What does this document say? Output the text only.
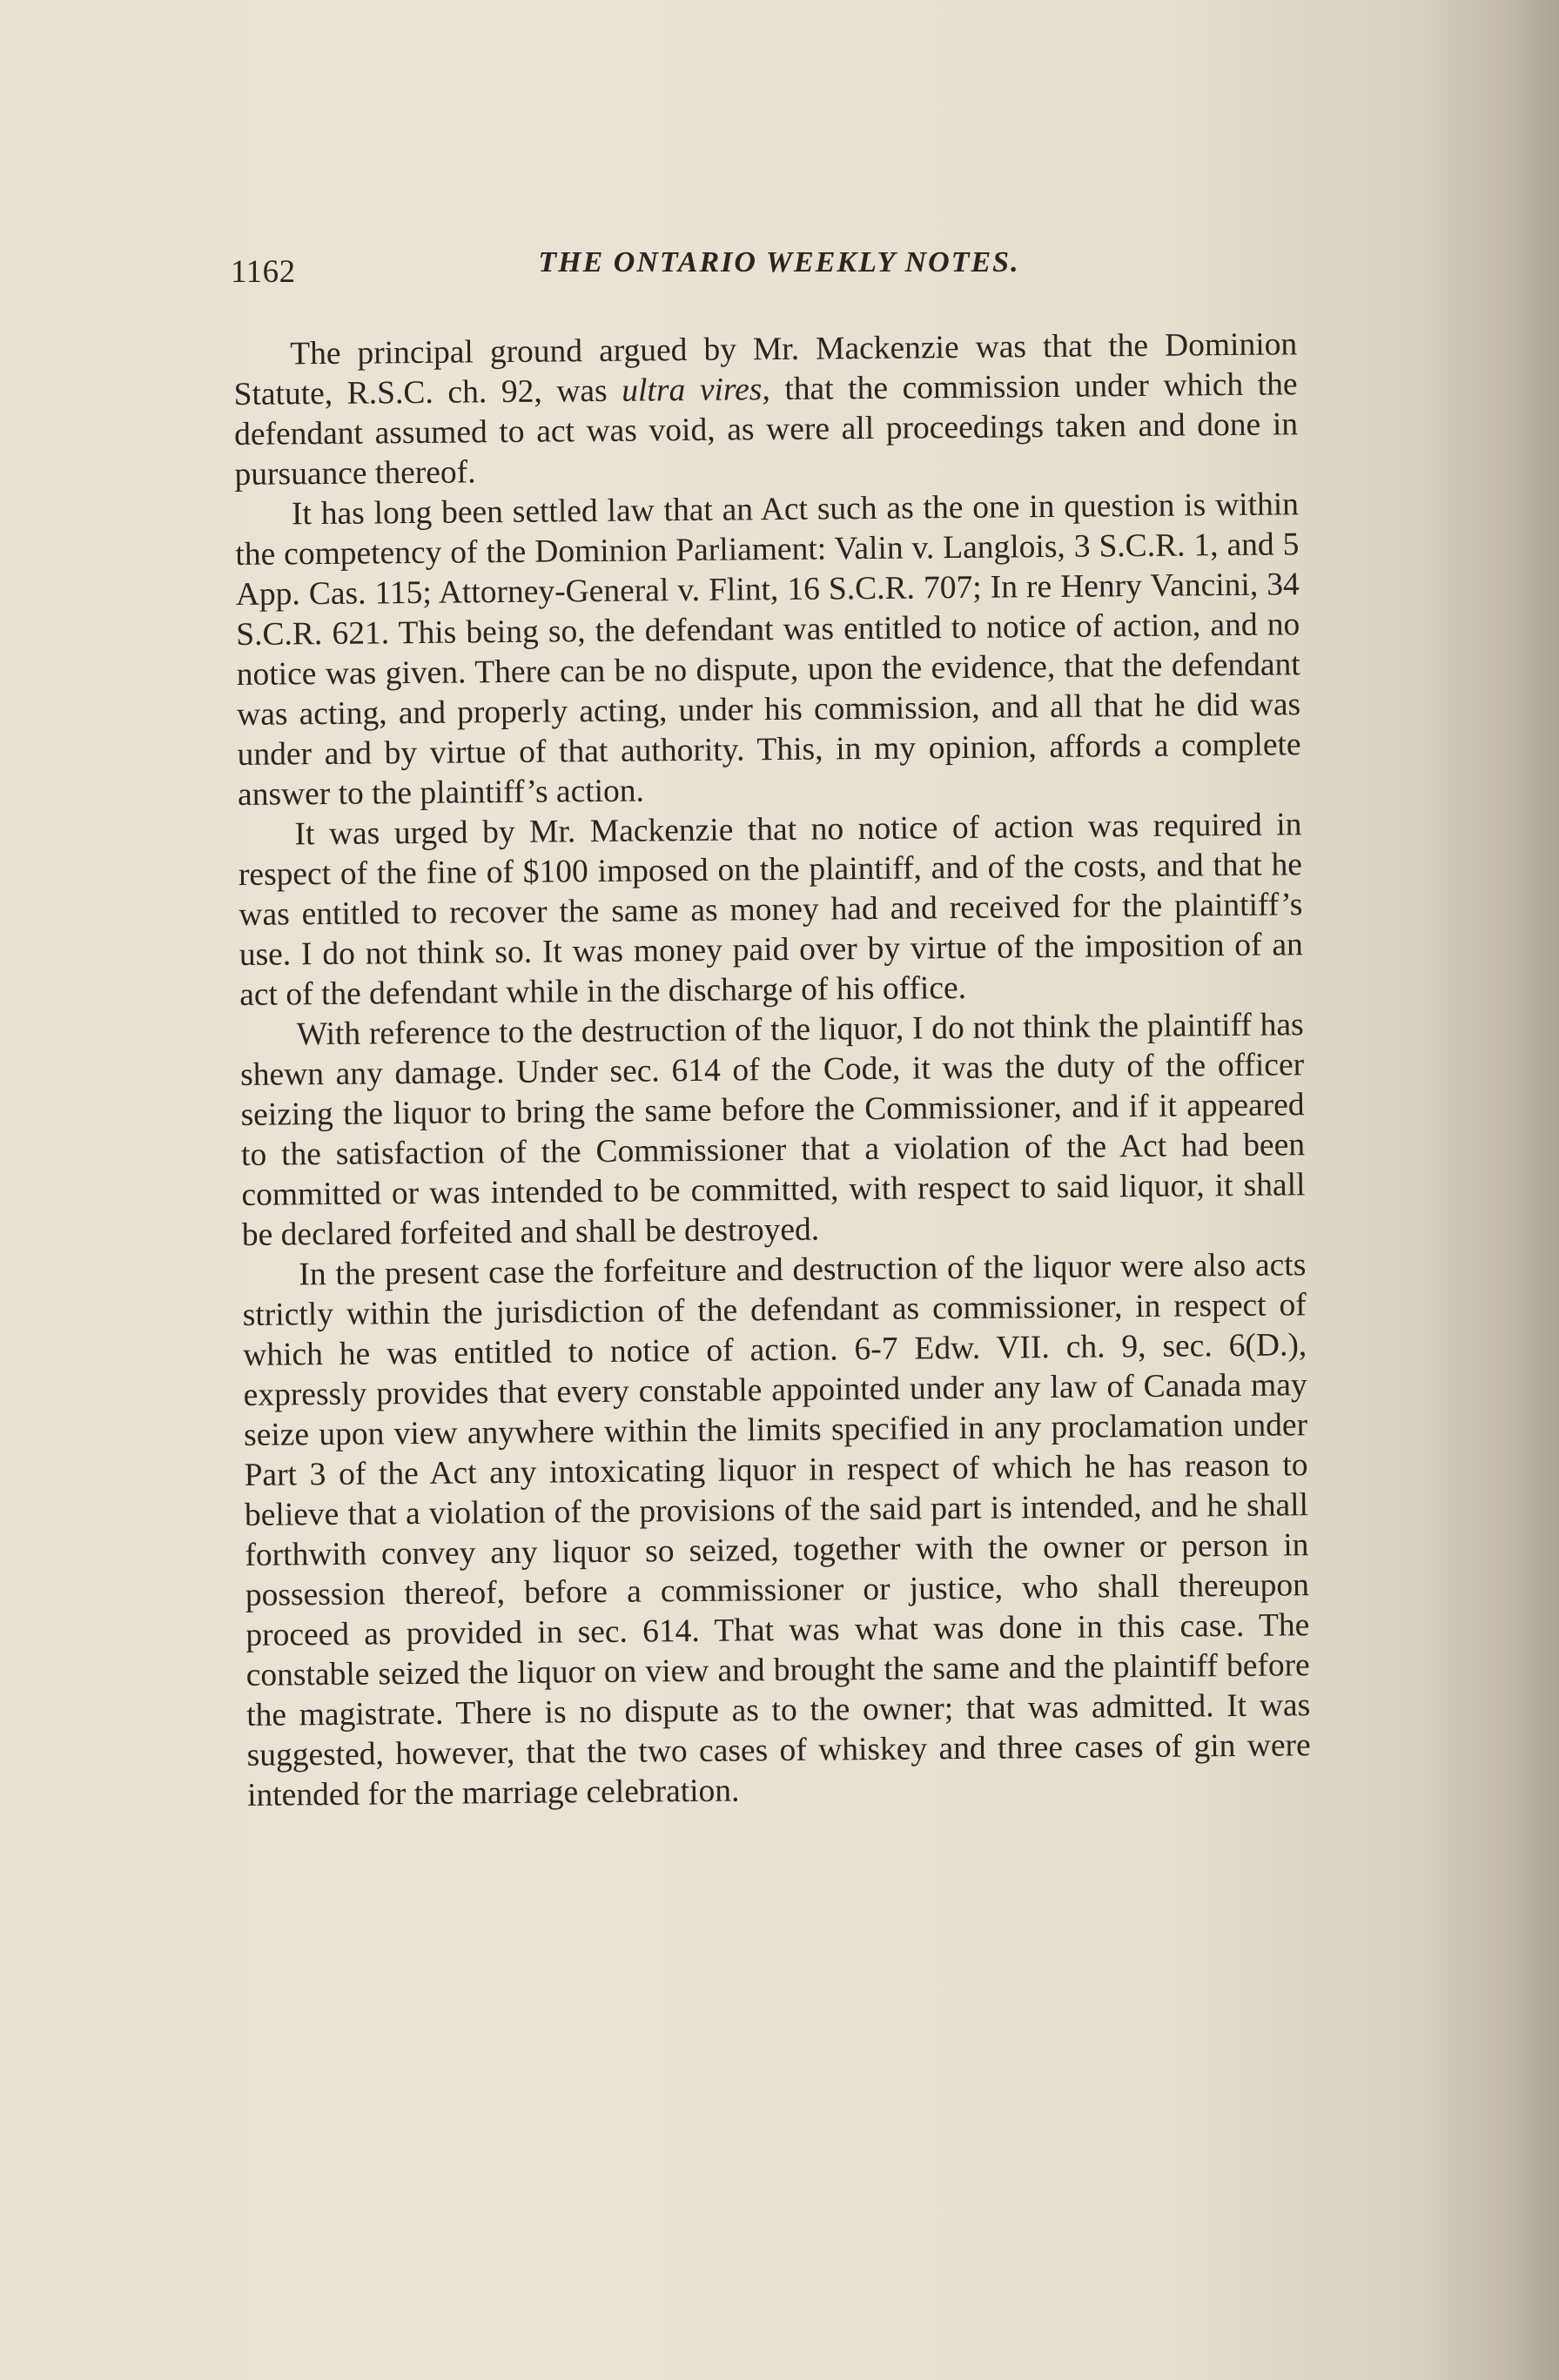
1162	THE ONTARIO WEEKLY NOTES.

The principal ground argued by Mr. Mackenzie was that the Dominion Statute, R.S.C. ch. 92, was ultra vires, that the commission under which the defendant assumed to act was void, as were all proceedings taken and done in pursuance thereof.

It has long been settled law that an Act such as the one in question is within the competency of the Dominion Parliament: Valin v. Langlois, 3 S.C.R. 1, and 5 App. Cas. 115; Attorney-General v. Flint, 16 S.C.R. 707; In re Henry Vancini, 34 S.C.R. 621. This being so, the defendant was entitled to notice of action, and no notice was given. There can be no dispute, upon the evidence, that the defendant was acting, and properly acting, under his commission, and all that he did was under and by virtue of that authority. This, in my opinion, affords a complete answer to the plaintiff’s action.

It was urged by Mr. Mackenzie that no notice of action was required in respect of the fine of $100 imposed on the plaintiff, and of the costs, and that he was entitled to recover the same as money had and received for the plaintiff’s use. I do not think so. It was money paid over by virtue of the imposition of an act of the defendant while in the discharge of his office.

With reference to the destruction of the liquor, I do not think the plaintiff has shewn any damage. Under sec. 614 of the Code, it was the duty of the officer seizing the liquor to bring the same before the Commissioner, and if it appeared to the satisfaction of the Commissioner that a violation of the Act had been committed or was intended to be committed, with respect to said liquor, it shall be declared forfeited and shall be destroyed.

In the present case the forfeiture and destruction of the liquor were also acts strictly within the jurisdiction of the defendant as commissioner, in respect of which he was entitled to notice of action. 6-7 Edw. VII. ch. 9, sec. 6(D.), expressly provides that every constable appointed under any law of Canada may seize upon view anywhere within the limits specified in any proclamation under Part 3 of the Act any intoxicating liquor in respect of which he has reason to believe that a violation of the provisions of the said part is intended, and he shall forthwith convey any liquor so seized, together with the owner or person in possession thereof, before a commissioner or justice, who shall thereupon proceed as provided in sec. 614. That was what was done in this case. The constable seized the liquor on view and brought the same and the plaintiff before the magistrate. There is no dispute as to the owner; that was admitted. It was suggested, however, that the two cases of whiskey and three cases of gin were intended for the marriage celebration.
